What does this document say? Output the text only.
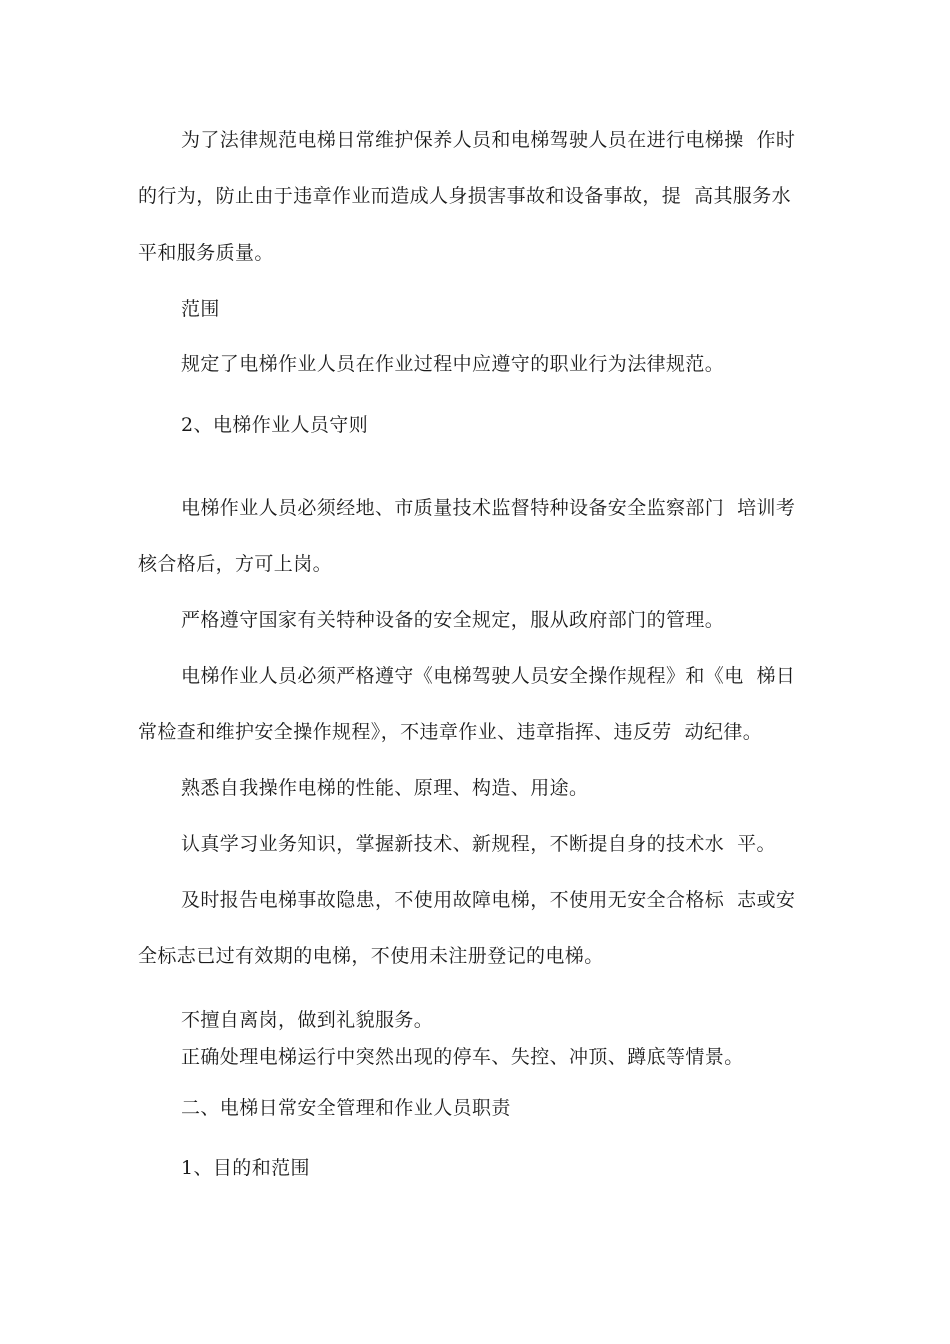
为了法律规范电梯日常维护保养人员和电梯驾驶人员在进行电梯操  作时
的行为，防止由于违章作业而造成人身损害事故和设备事故，提  高其服务水
平和服务质量。
范围
规定了电梯作业人员在作业过程中应遵守的职业行为法律规范。
2、电梯作业人员守则
电梯作业人员必须经地、市质量技术监督特种设备安全监察部门  培训考
核合格后，方可上岗。
严格遵守国家有关特种设备的安全规定，服从政府部门的管理。
电梯作业人员必须严格遵守《电梯驾驶人员安全操作规程》和《电  梯日
常检查和维护安全操作规程》，不违章作业、违章指挥、违反劳  动纪律。
熟悉自我操作电梯的性能、原理、构造、用途。
认真学习业务知识，掌握新技术、新规程，不断提自身的技术水  平。
及时报告电梯事故隐患，不使用故障电梯，不使用无安全合格标  志或安
全标志已过有效期的电梯，不使用未注册登记的电梯。
不擅自离岗，做到礼貌服务。
正确处理电梯运行中突然出现的停车、失控、冲顶、蹲底等情景。
二、电梯日常安全管理和作业人员职责
1、目的和范围
